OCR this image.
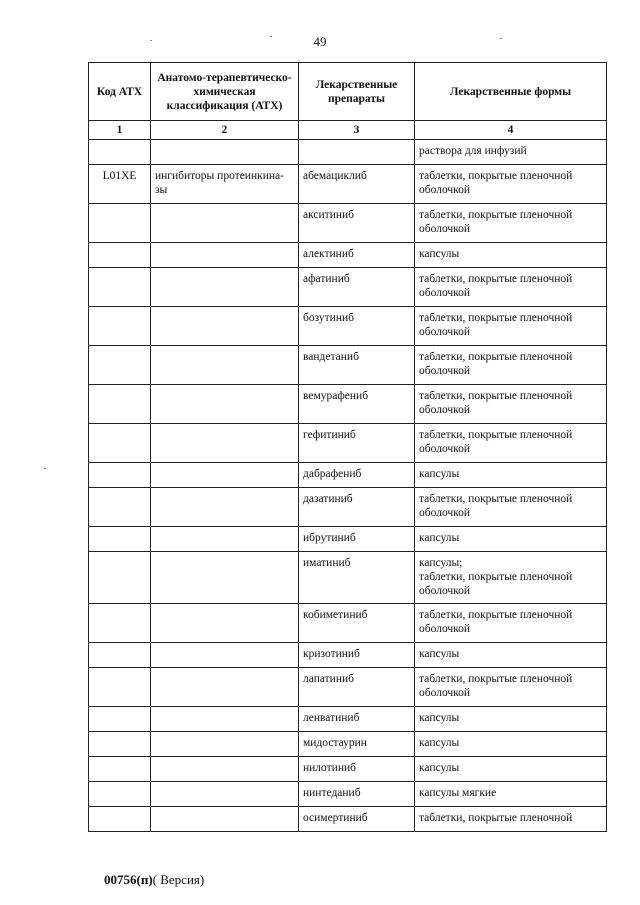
49
Код АТХ	Анатомо-терапевтическо-химическая классификация (АТХ)	Лекарственные препараты	Лекарственные формы
1	2	3	4
			раствора для инфузий
L01XE	ингибиторы протеинкина-зы	абемациклиб	таблетки, покрытые пленочной оболочкой
		акситиниб	таблетки, покрытые пленочной оболочкой
		алектиниб	капсулы
		афатиниб	таблетки, покрытые пленочной оболочкой
		бозутиниб	таблетки, покрытые пленочной оболочкой
		вандетаниб	таблетки, покрытые пленочной оболочкой
		вемурафениб	таблетки, покрытые пленочной оболочкой
		гефитиниб	таблетки, покрытые пленочной оболочкой
		дабрафениб	капсулы
		дазатиниб	таблетки, покрытые пленочной оболочкой
		ибрутиниб	капсулы
		иматиниб	капсулы;
таблетки, покрытые пленочной оболочкой
		кобиметиниб	таблетки, покрытые пленочной оболочкой
		кризотиниб	капсулы
		лапатиниб	таблетки, покрытые пленочной оболочкой
		ленватиниб	капсулы
		мидостаурин	капсулы
		нилотиниб	капсулы
		нинтеданиб	капсулы мягкие
		осимертиниб	таблетки, покрытые пленочной
00756(п)( Версия)
